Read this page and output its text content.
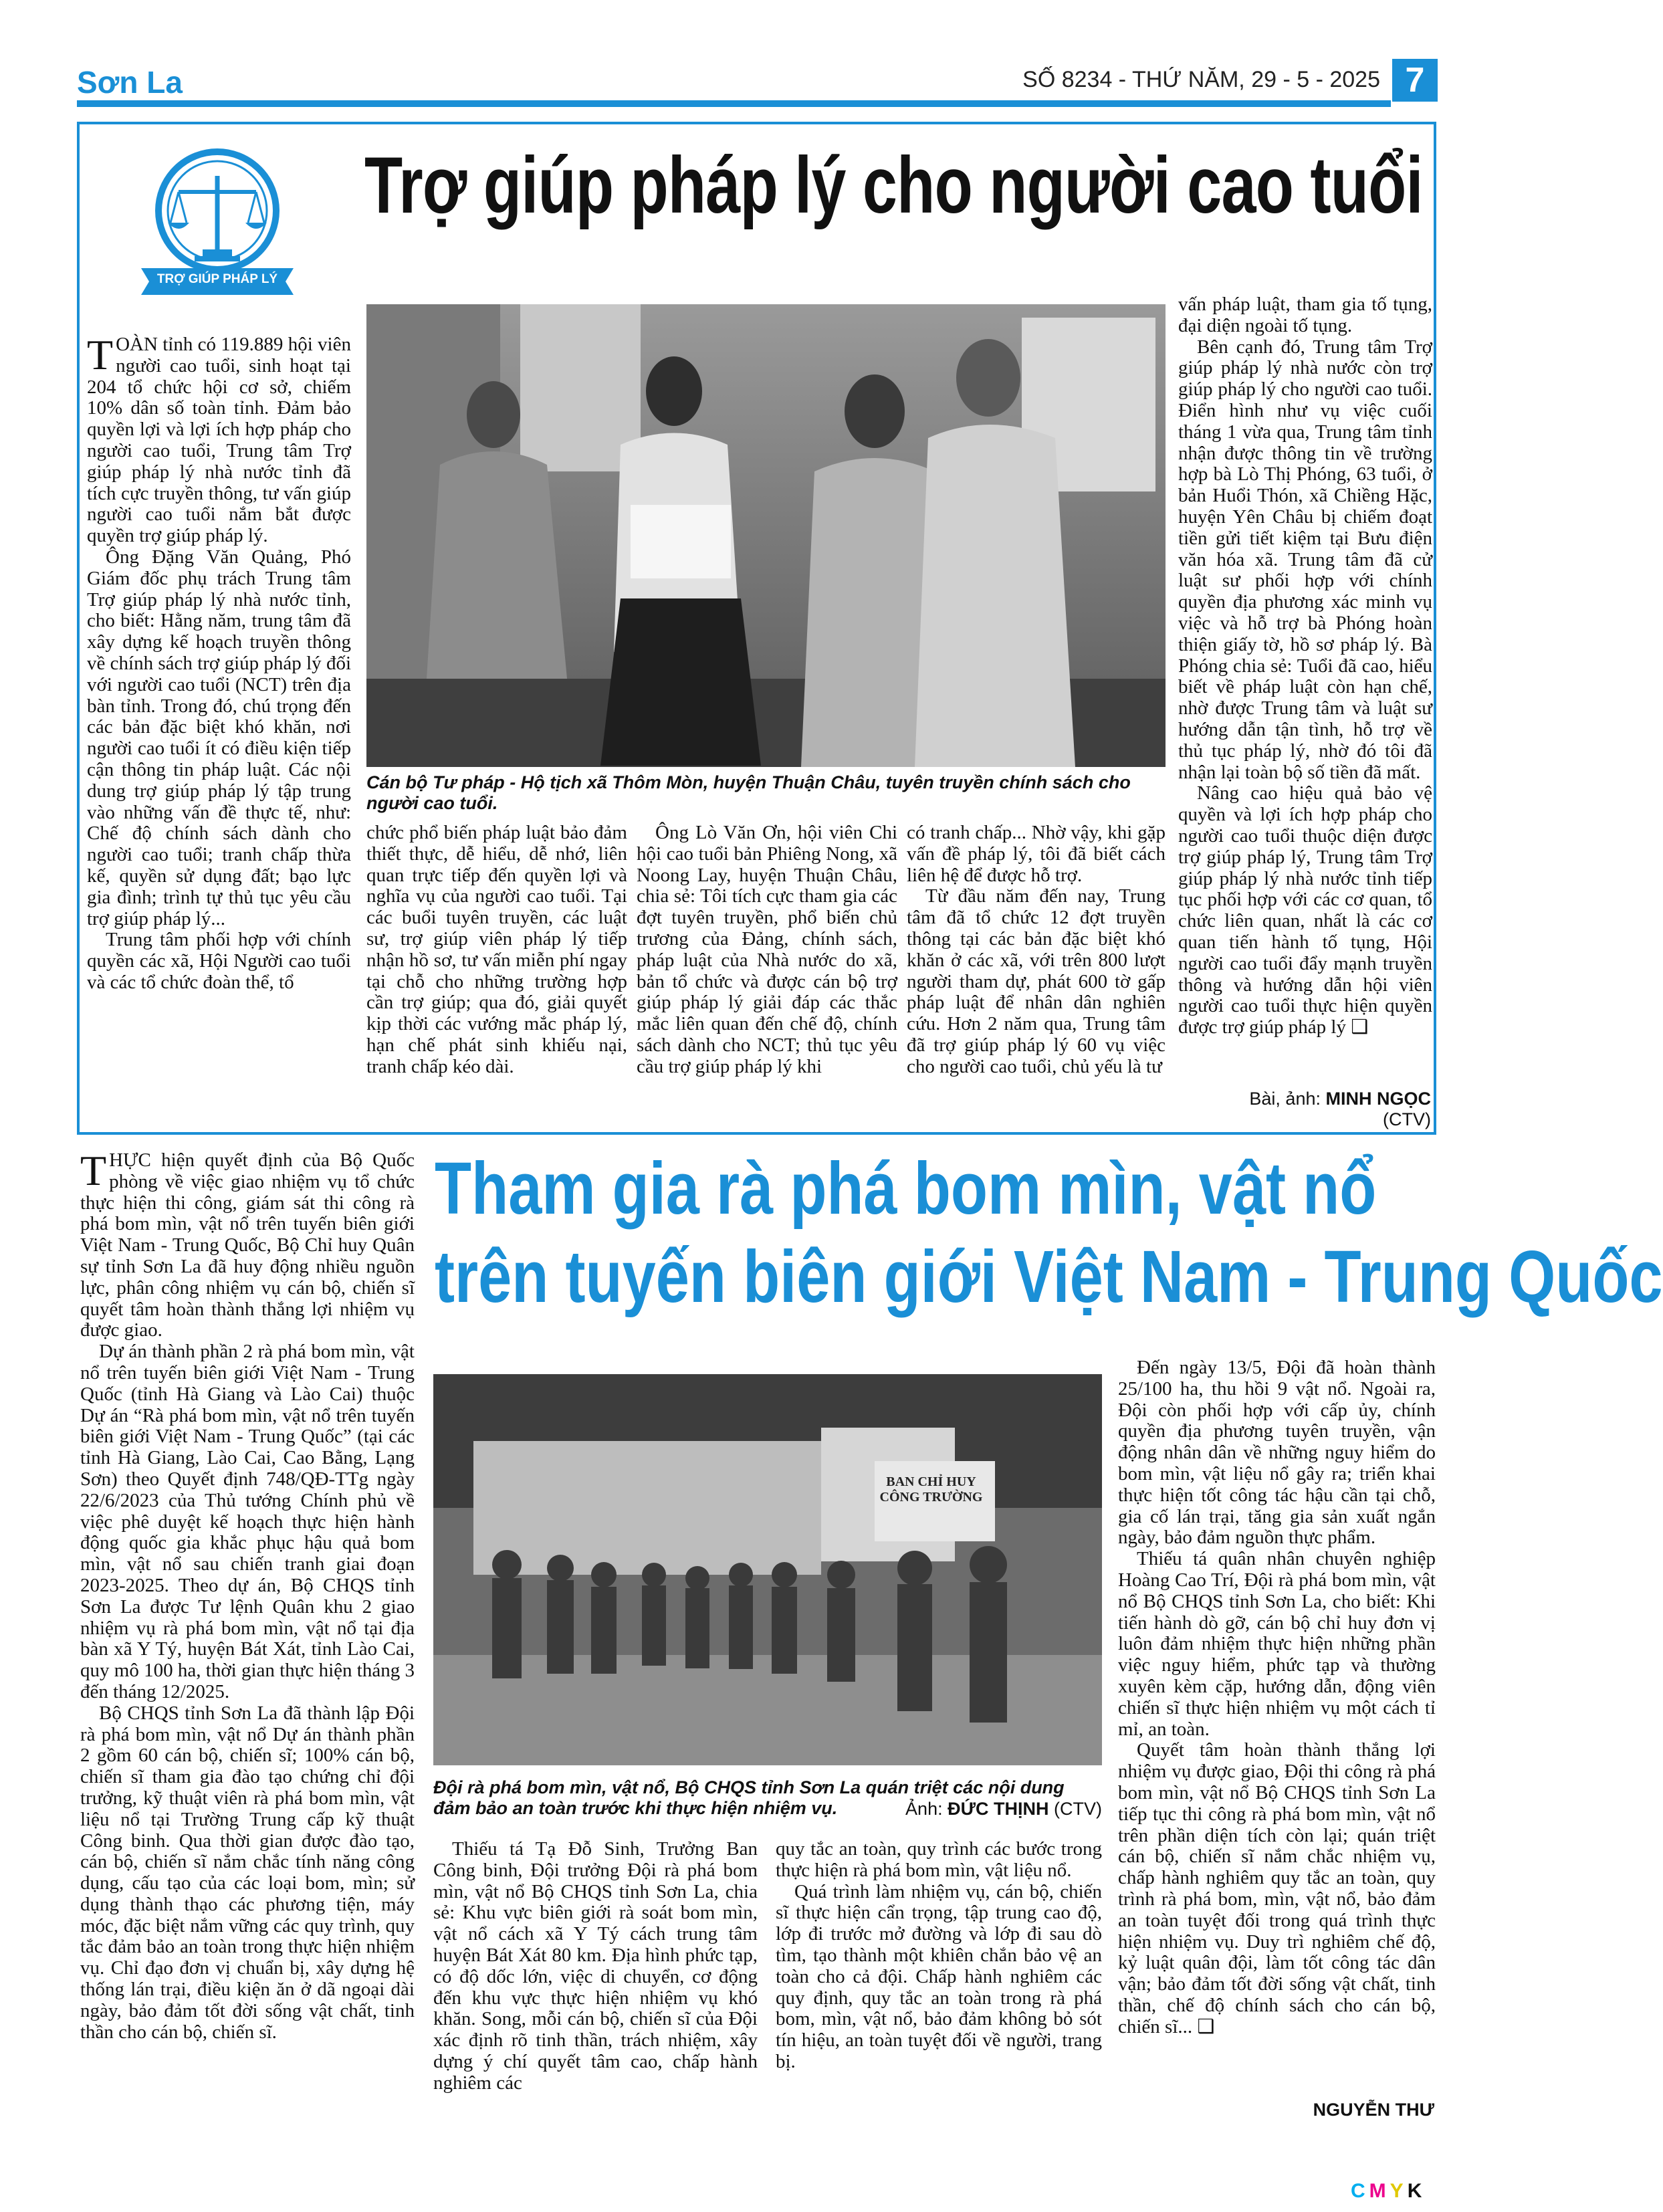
Sơn La	SỐ 8234 - THỨ NĂM, 29 - 5 - 2025 7
TRỢ GIÚP PHÁP LÝ
Trợ giúp pháp lý cho người cao tuổi
Cán bộ Tư pháp - Hộ tịch xã Thôm Mòn, huyện Thuận Châu, tuyên truyền chính sách cho người cao tuổi.

TOÀN tỉnh có 119.889 hội viên người cao tuổi, sinh hoạt tại 204 tổ chức hội cơ sở, chiếm 10% dân số toàn tỉnh. Đảm bảo quyền lợi và lợi ích hợp pháp cho người cao tuổi, Trung tâm Trợ giúp pháp lý nhà nước tỉnh đã tích cực truyền thông, tư vấn giúp người cao tuổi nắm bắt được quyền trợ giúp pháp lý.

Ông Đặng Văn Quảng, Phó Giám đốc phụ trách Trung tâm Trợ giúp pháp lý nhà nước tỉnh, cho biết: Hằng năm, trung tâm đã xây dựng kế hoạch truyền thông về chính sách trợ giúp pháp lý đối với người cao tuổi (NCT) trên địa bàn tỉnh. Trong đó, chú trọng đến các bản đặc biệt khó khăn, nơi người cao tuổi ít có điều kiện tiếp cận thông tin pháp luật. Các nội dung trợ giúp pháp lý tập trung vào những vấn đề thực tế, như: Chế độ chính sách dành cho người cao tuổi; tranh chấp thừa kế, quyền sử dụng đất; bạo lực gia đình; trình tự thủ tục yêu cầu trợ giúp pháp lý...

Trung tâm phối hợp với chính quyền các xã, Hội Người cao tuổi và các tổ chức đoàn thể, tổ

chức phổ biến pháp luật bảo đảm thiết thực, dễ hiểu, dễ nhớ, liên quan trực tiếp đến quyền lợi và nghĩa vụ của người cao tuổi. Tại các buổi tuyên truyền, các luật sư, trợ giúp viên pháp lý tiếp nhận hồ sơ, tư vấn miễn phí ngay tại chỗ cho những trường hợp cần trợ giúp; qua đó, giải quyết kịp thời các vướng mắc pháp lý, hạn chế phát sinh khiếu nại, tranh chấp kéo dài.

Ông Lò Văn Ơn, hội viên Chi hội cao tuổi bản Phiêng Nong, xã Noong Lay, huyện Thuận Châu, chia sẻ: Tôi tích cực tham gia các đợt tuyên truyền, phổ biến chủ trương của Đảng, chính sách, pháp luật của Nhà nước do xã, bản tổ chức và được cán bộ trợ giúp pháp lý giải đáp các thắc mắc liên quan đến chế độ, chính sách dành cho NCT; thủ tục yêu cầu trợ giúp pháp lý khi

có tranh chấp... Nhờ vậy, khi gặp vấn đề pháp lý, tôi đã biết cách liên hệ để được hỗ trợ.

Từ đầu năm đến nay, Trung tâm đã tổ chức 12 đợt truyền thông tại các bản đặc biệt khó khăn ở các xã, với trên 800 lượt người tham dự, phát 600 tờ gấp pháp luật để nhân dân nghiên cứu. Hơn 2 năm qua, Trung tâm đã trợ giúp pháp lý 60 vụ việc cho người cao tuổi, chủ yếu là tư

vấn pháp luật, tham gia tố tụng, đại diện ngoài tố tụng.

Bên cạnh đó, Trung tâm Trợ giúp pháp lý nhà nước còn trợ giúp pháp lý cho người cao tuổi. Điển hình như vụ việc cuối tháng 1 vừa qua, Trung tâm tỉnh nhận được thông tin về trường hợp bà Lò Thị Phóng, 63 tuổi, ở bản Huổi Thón, xã Chiềng Hặc, huyện Yên Châu bị chiếm đoạt tiền gửi tiết kiệm tại Bưu điện văn hóa xã. Trung tâm đã cử luật sư phối hợp với chính quyền địa phương xác minh vụ việc và hỗ trợ bà Phóng hoàn thiện giấy tờ, hồ sơ pháp lý. Bà Phóng chia sẻ: Tuổi đã cao, hiểu biết về pháp luật còn hạn chế, nhờ được Trung tâm và luật sư hướng dẫn tận tình, hỗ trợ về thủ tục pháp lý, nhờ đó tôi đã nhận lại toàn bộ số tiền đã mất.

Nâng cao hiệu quả bảo vệ quyền và lợi ích hợp pháp cho người cao tuổi thuộc diện được trợ giúp pháp lý, Trung tâm Trợ giúp pháp lý nhà nước tỉnh tiếp tục phối hợp với các cơ quan, tổ chức liên quan, nhất là các cơ quan tiến hành tố tụng, Hội người cao tuổi đẩy mạnh truyền thông và hướng dẫn hội viên người cao tuổi thực hiện quyền được trợ giúp pháp lý ❑

Bài, ảnh: MINH NGỌC (CTV)
Tham gia rà phá bom mìn, vật nổ
trên tuyến biên giới Việt Nam - Trung Quốc
BAN CHỈ HUY CÔNG TRƯỜNG
Đội rà phá bom mìn, vật nổ, Bộ CHQS tỉnh Sơn La quán triệt các nội dung đảm bảo an toàn trước khi thực hiện nhiệm vụ.	Ảnh: ĐỨC THỊNH (CTV)

THỰC hiện quyết định của Bộ Quốc phòng về việc giao nhiệm vụ tổ chức thực hiện thi công, giám sát thi công rà phá bom mìn, vật nổ trên tuyến biên giới Việt Nam - Trung Quốc, Bộ Chỉ huy Quân sự tỉnh Sơn La đã huy động nhiều nguồn lực, phân công nhiệm vụ cán bộ, chiến sĩ quyết tâm hoàn thành thắng lợi nhiệm vụ được giao.

Dự án thành phần 2 rà phá bom mìn, vật nổ trên tuyến biên giới Việt Nam - Trung Quốc (tỉnh Hà Giang và Lào Cai) thuộc Dự án “Rà phá bom mìn, vật nổ trên tuyến biên giới Việt Nam - Trung Quốc” (tại các tỉnh Hà Giang, Lào Cai, Cao Bằng, Lạng Sơn) theo Quyết định 748/QĐ-TTg ngày 22/6/2023 của Thủ tướng Chính phủ về việc phê duyệt kế hoạch thực hiện hành động quốc gia khắc phục hậu quả bom mìn, vật nổ sau chiến tranh giai đoạn 2023-2025. Theo dự án, Bộ CHQS tỉnh Sơn La được Tư lệnh Quân khu 2 giao nhiệm vụ rà phá bom mìn, vật nổ tại địa bàn xã Y Tý, huyện Bát Xát, tỉnh Lào Cai, quy mô 100 ha, thời gian thực hiện tháng 3 đến tháng 12/2025.

Bộ CHQS tỉnh Sơn La đã thành lập Đội rà phá bom mìn, vật nổ Dự án thành phần 2 gồm 60 cán bộ, chiến sĩ; 100% cán bộ, chiến sĩ tham gia đào tạo chứng chỉ đội trưởng, kỹ thuật viên rà phá bom mìn, vật liệu nổ tại Trường Trung cấp kỹ thuật Công binh. Qua thời gian được đào tạo, cán bộ, chiến sĩ nắm chắc tính năng công dụng, cấu tạo của các loại bom, mìn; sử dụng thành thạo các phương tiện, máy móc, đặc biệt nắm vững các quy trình, quy tắc đảm bảo an toàn trong thực hiện nhiệm vụ. Chỉ đạo đơn vị chuẩn bị, xây dựng hệ thống lán trại, điều kiện ăn ở dã ngoại dài ngày, bảo đảm tốt đời sống vật chất, tinh thần cho cán bộ, chiến sĩ.

Thiếu tá Tạ Đỗ Sinh, Trưởng Ban Công binh, Đội trưởng Đội rà phá bom mìn, vật nổ Bộ CHQS tỉnh Sơn La, chia sẻ: Khu vực biên giới rà soát bom mìn, vật nổ cách xã Y Tý cách trung tâm huyện Bát Xát 80 km. Địa hình phức tạp, có độ dốc lớn, việc di chuyển, cơ động đến khu vực thực hiện nhiệm vụ khó khăn. Song, mỗi cán bộ, chiến sĩ của Đội xác định rõ tinh thần, trách nhiệm, xây dựng ý chí quyết tâm cao, chấp hành nghiêm các

quy tắc an toàn, quy trình các bước trong thực hiện rà phá bom mìn, vật liệu nổ.

Quá trình làm nhiệm vụ, cán bộ, chiến sĩ thực hiện cẩn trọng, tập trung cao độ, lớp đi trước mở đường và lớp đi sau dò tìm, tạo thành một khiên chắn bảo vệ an toàn cho cả đội. Chấp hành nghiêm các quy định, quy tắc an toàn trong rà phá bom, mìn, vật nổ, bảo đảm không bỏ sót tín hiệu, an toàn tuyệt đối về người, trang bị.

Đến ngày 13/5, Đội đã hoàn thành 25/100 ha, thu hồi 9 vật nổ. Ngoài ra, Đội còn phối hợp với cấp ủy, chính quyền địa phương tuyên truyền, vận động nhân dân về những nguy hiểm do bom mìn, vật liệu nổ gây ra; triển khai thực hiện tốt công tác hậu cần tại chỗ, gia cố lán trại, tăng gia sản xuất ngắn ngày, bảo đảm nguồn thực phẩm.

Thiếu tá quân nhân chuyên nghiệp Hoàng Cao Trí, Đội rà phá bom mìn, vật nổ Bộ CHQS tỉnh Sơn La, cho biết: Khi tiến hành dò gỡ, cán bộ chỉ huy đơn vị luôn đảm nhiệm thực hiện những phần việc nguy hiểm, phức tạp và thường xuyên kèm cặp, hướng dẫn, động viên chiến sĩ thực hiện nhiệm vụ một cách tỉ mỉ, an toàn.

Quyết tâm hoàn thành thắng lợi nhiệm vụ được giao, Đội thi công rà phá bom mìn, vật nổ Bộ CHQS tỉnh Sơn La tiếp tục thi công rà phá bom mìn, vật nổ trên phần diện tích còn lại; quán triệt cán bộ, chiến sĩ nắm chắc nhiệm vụ, chấp hành nghiêm quy tắc an toàn, quy trình rà phá bom, mìn, vật nổ, bảo đảm an toàn tuyệt đối trong quá trình thực hiện nhiệm vụ. Duy trì nghiêm chế độ, kỷ luật quân đội, làm tốt công tác dân vận; bảo đảm tốt đời sống vật chất, tinh thần, chế độ chính sách cho cán bộ, chiến sĩ... ❑

NGUYỄN THƯ
CMYK
